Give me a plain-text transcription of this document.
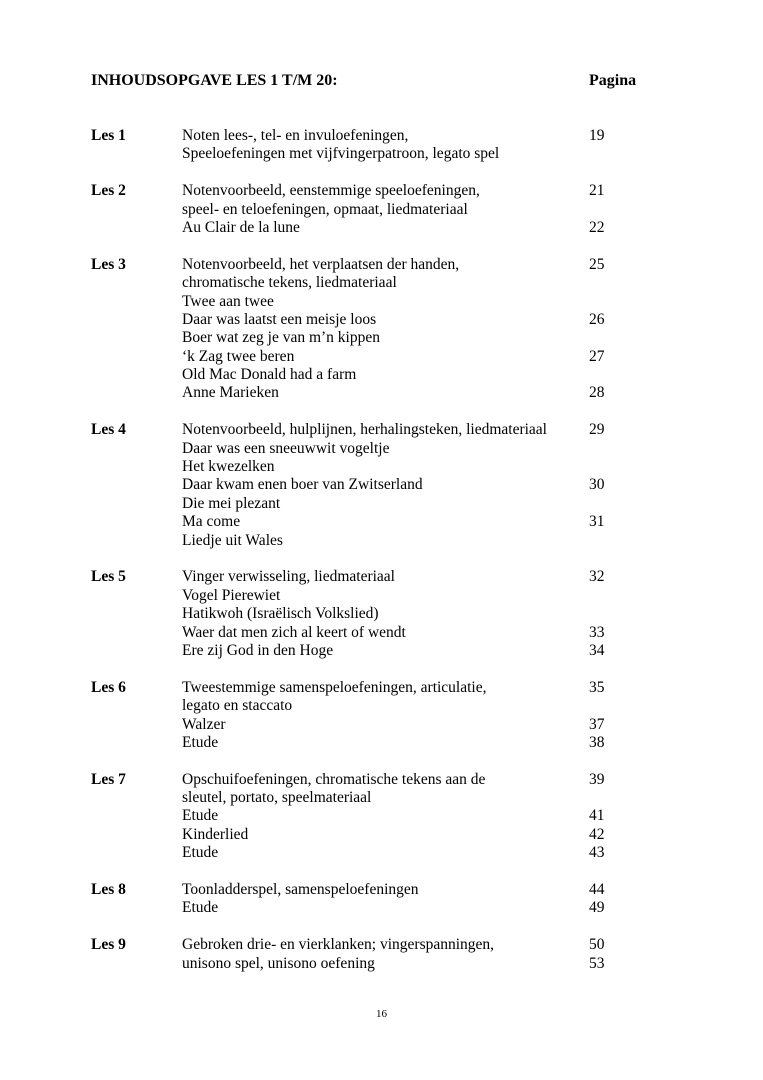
INHOUDSOPGAVE LES 1 T/M 20:	Pagina
Les 1	Noten lees-, tel- en invuloefeningen,	19
Speeloefeningen met vijfvingerpatroon, legato spel
Les 2	Notenvoorbeeld, eenstemmige speeloefeningen,	21
speel- en teloefeningen, opmaat, liedmateriaal
Au Clair de la lune	22
Les 3	Notenvoorbeeld, het verplaatsen der handen,	25
chromatische tekens, liedmateriaal
Twee aan twee
Daar was laatst een meisje loos	26
Boer wat zeg je van m’n kippen
‘k Zag twee beren	27
Old Mac Donald had a farm
Anne Marieken	28
Les 4	Notenvoorbeeld, hulplijnen, herhalingsteken, liedmateriaal	29
Daar was een sneeuwwit vogeltje
Het kwezelken
Daar kwam enen boer van Zwitserland	30
Die mei plezant
Ma come	31
Liedje uit Wales
Les 5	Vinger verwisseling, liedmateriaal	32
Vogel Pierewiet
Hatikwoh (Israëlisch Volkslied)
Waer dat men zich al keert of wendt	33
Ere zij God in den Hoge	34
Les 6	Tweestemmige samenspeloefeningen, articulatie,	35
legato en staccato
Walzer	37
Etude	38
Les 7	Opschuifoefeningen, chromatische tekens aan de	39
sleutel, portato, speelmateriaal
Etude	41
Kinderlied	42
Etude	43
Les 8	Toonladderspel, samenspeloefeningen	44
Etude	49
Les 9	Gebroken drie- en vierklanken; vingerspanningen,	50
unisono spel, unisono oefening	53
16
